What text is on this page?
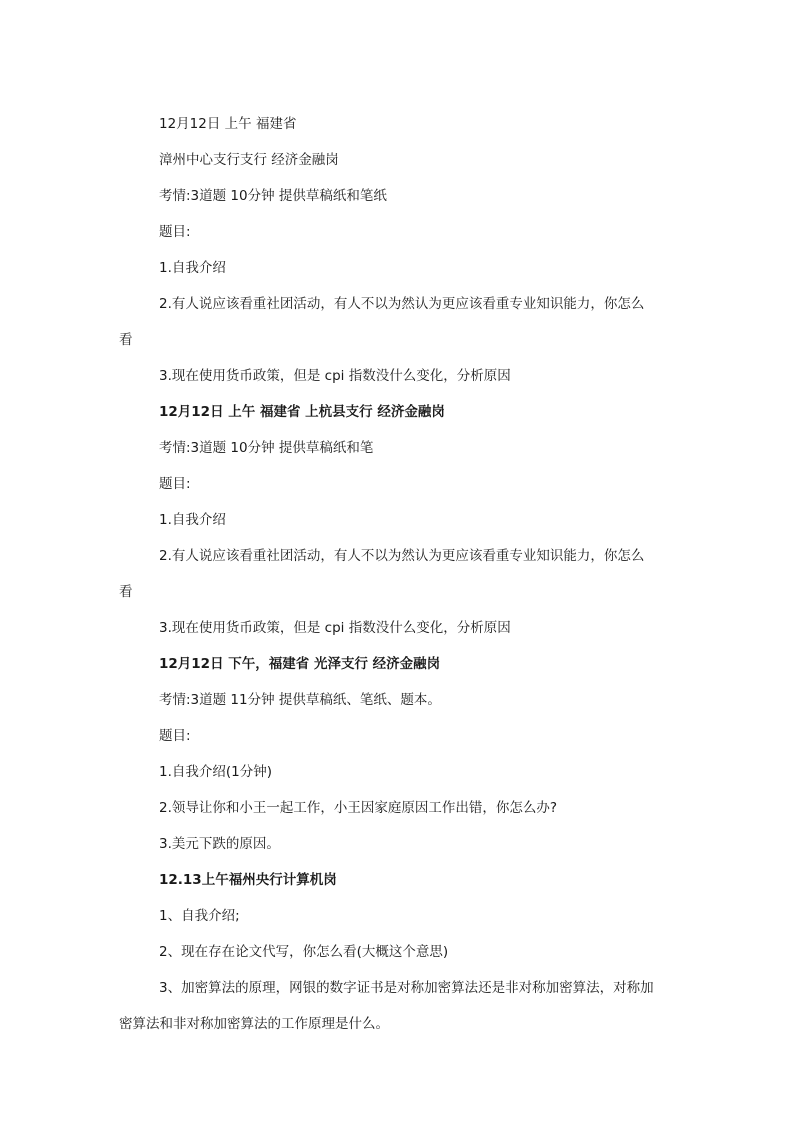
12月12日 上午 福建省

漳州中心支行支行 经济金融岗

考情:3道题 10分钟 提供草稿纸和笔纸

题目:

1.自我介绍

2.有人说应该看重社团活动，有人不以为然认为更应该看重专业知识能力，你怎么
看

3.现在使用货币政策，但是 cpi 指数没什么变化，分析原因

12月12日 上午 福建省 上杭县支行 经济金融岗

考情:3道题 10分钟 提供草稿纸和笔

题目:

1.自我介绍

2.有人说应该看重社团活动，有人不以为然认为更应该看重专业知识能力，你怎么
看

3.现在使用货币政策，但是 cpi 指数没什么变化，分析原因

12月12日 下午，福建省 光泽支行 经济金融岗

考情:3道题 11分钟 提供草稿纸、笔纸、题本。

题目:

1.自我介绍(1分钟)

2.领导让你和小王一起工作，小王因家庭原因工作出错，你怎么办?

3.美元下跌的原因。

12.13上午福州央行计算机岗

1、自我介绍;

2、现在存在论文代写，你怎么看(大概这个意思)

3、加密算法的原理，网银的数字证书是对称加密算法还是非对称加密算法，对称加
密算法和非对称加密算法的工作原理是什么。
